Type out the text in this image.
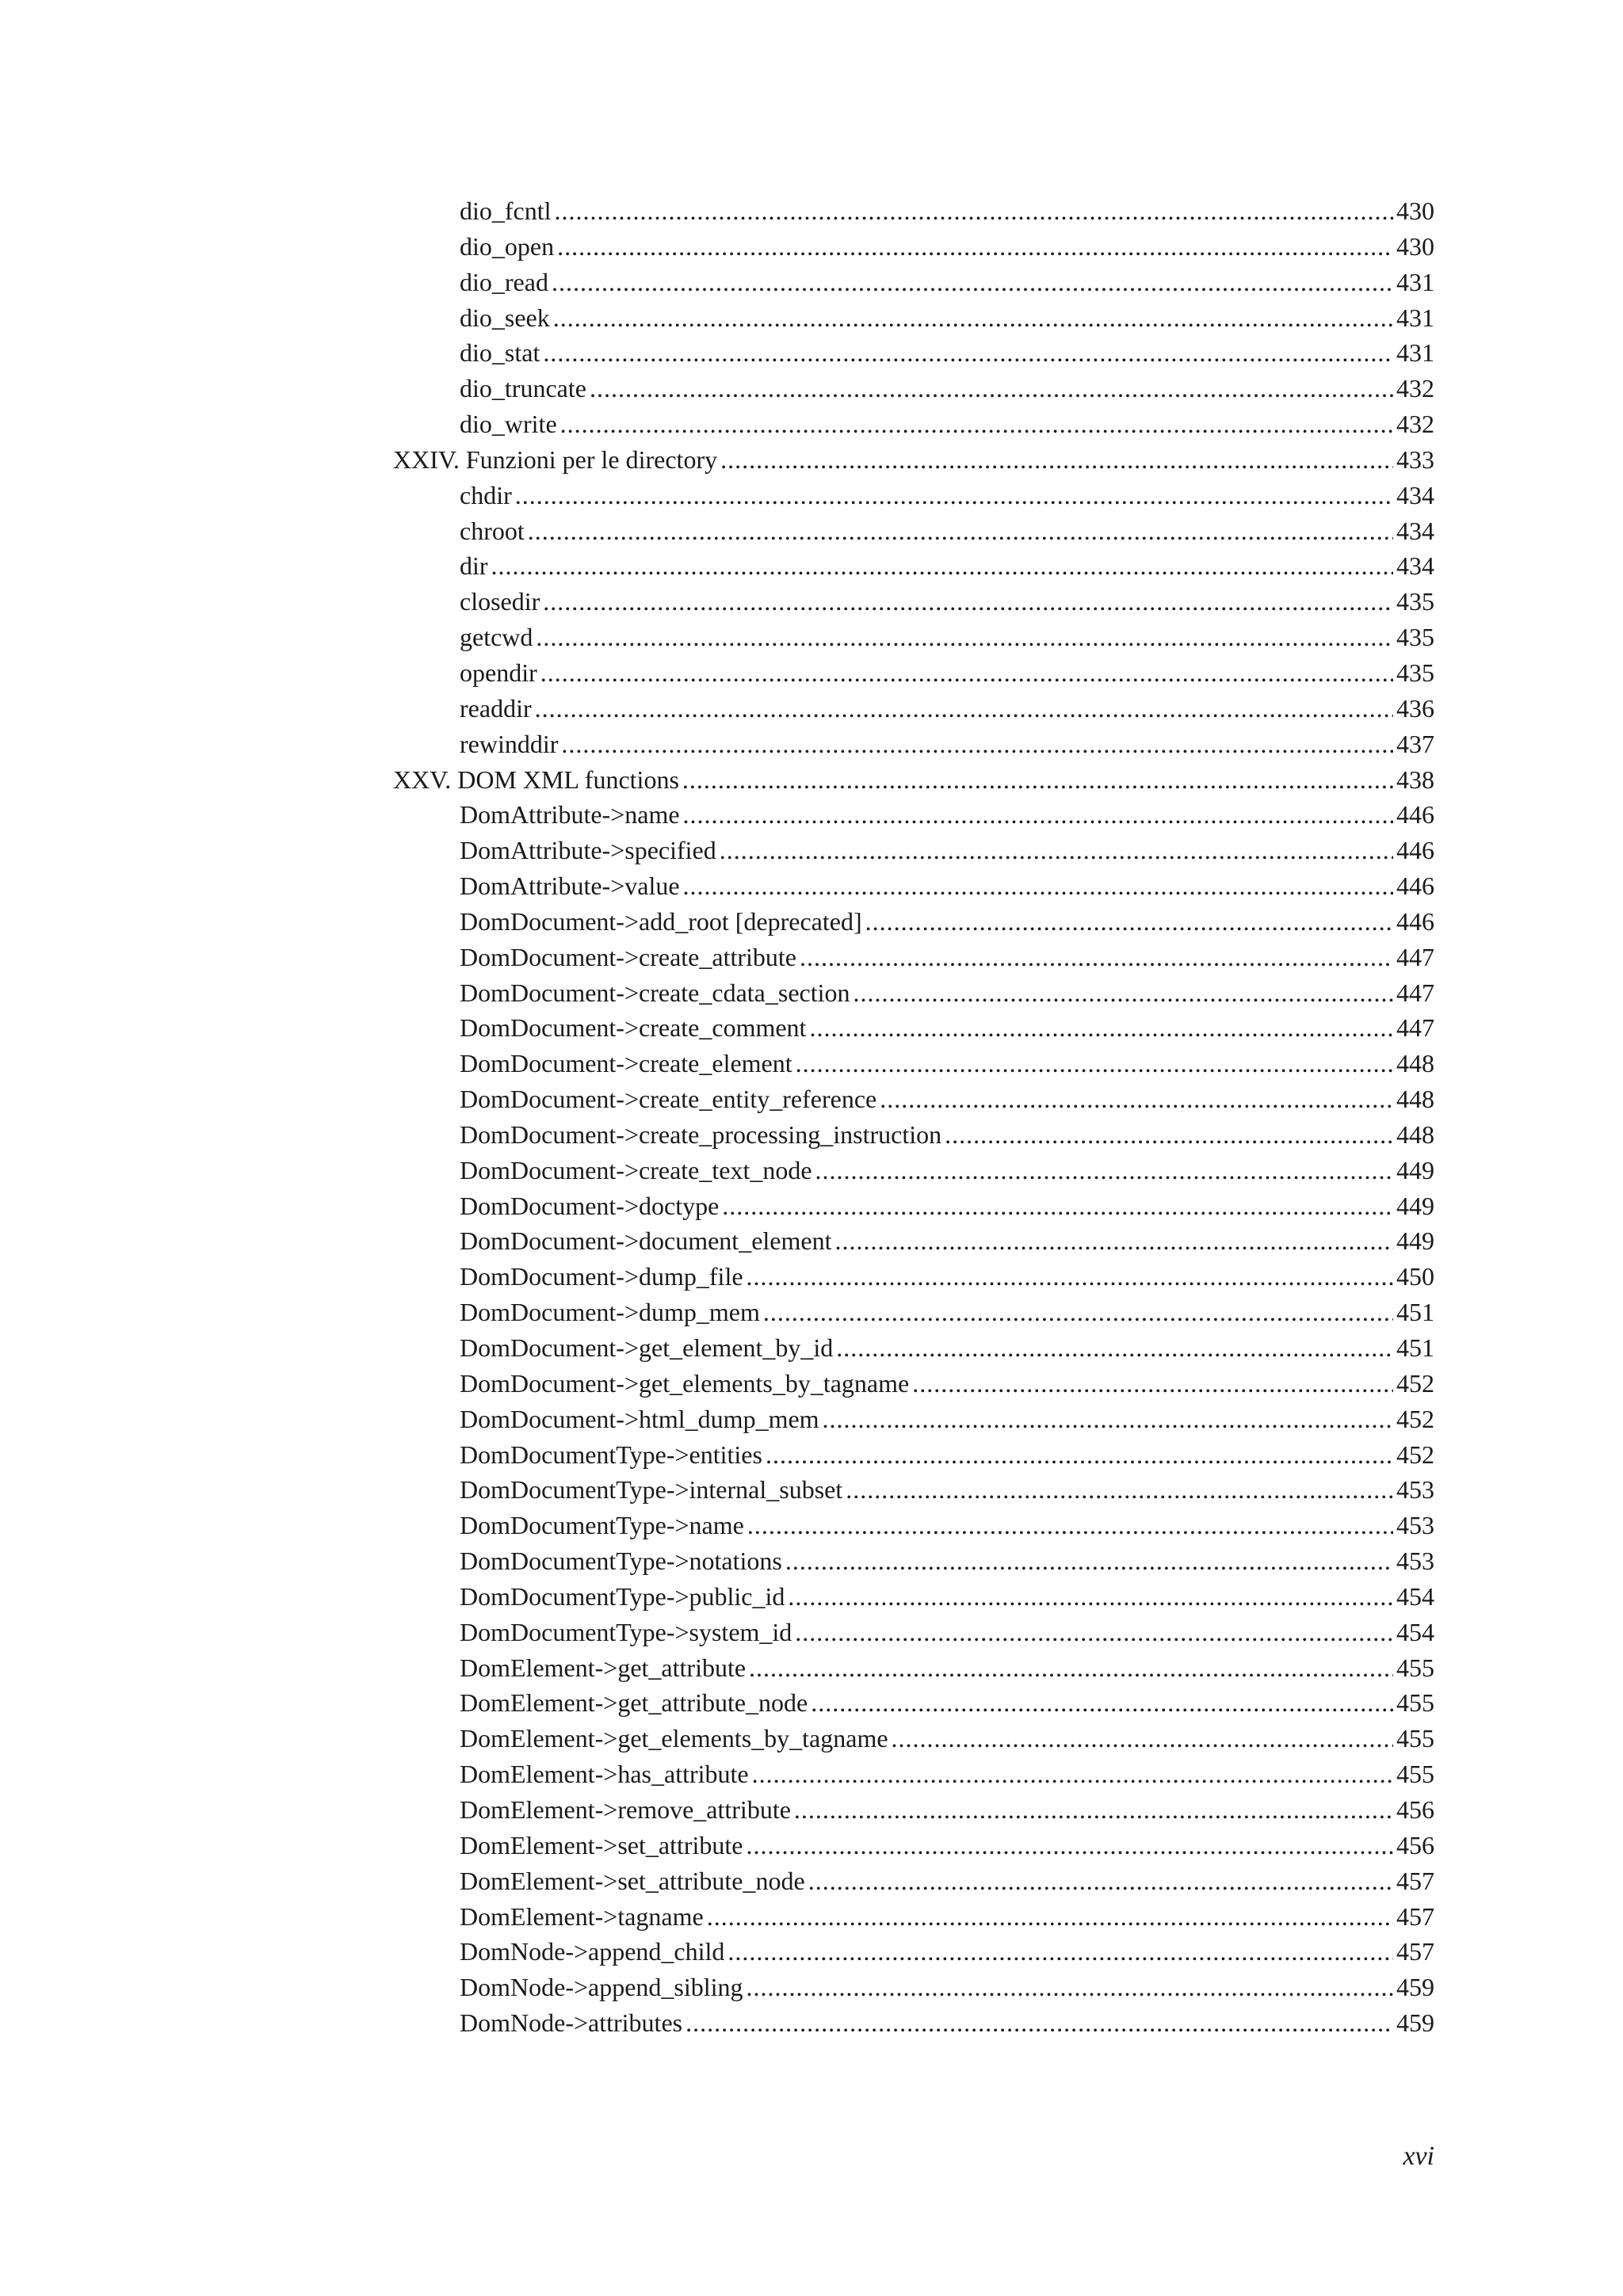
dio_fcntl .....	430
dio_open .....	430
dio_read .....	431
dio_seek .....	431
dio_stat .....	431
dio_truncate .....	432
dio_write .....	432
XXIV. Funzioni per le directory .....	433
chdir .....	434
chroot .....	434
dir .....	434
closedir .....	435
getcwd .....	435
opendir .....	435
readdir .....	436
rewinddir .....	437
XXV. DOM XML functions .....	438
DomAttribute->name .....	446
DomAttribute->specified .....	446
DomAttribute->value .....	446
DomDocument->add_root [deprecated] .....	446
DomDocument->create_attribute .....	447
DomDocument->create_cdata_section .....	447
DomDocument->create_comment .....	447
DomDocument->create_element .....	448
DomDocument->create_entity_reference .....	448
DomDocument->create_processing_instruction .....	448
DomDocument->create_text_node .....	449
DomDocument->doctype .....	449
DomDocument->document_element .....	449
DomDocument->dump_file .....	450
DomDocument->dump_mem .....	451
DomDocument->get_element_by_id .....	451
DomDocument->get_elements_by_tagname .....	452
DomDocument->html_dump_mem .....	452
DomDocumentType->entities .....	452
DomDocumentType->internal_subset .....	453
DomDocumentType->name .....	453
DomDocumentType->notations .....	453
DomDocumentType->public_id .....	454
DomDocumentType->system_id .....	454
DomElement->get_attribute .....	455
DomElement->get_attribute_node .....	455
DomElement->get_elements_by_tagname .....	455
DomElement->has_attribute .....	455
DomElement->remove_attribute .....	456
DomElement->set_attribute .....	456
DomElement->set_attribute_node .....	457
DomElement->tagname .....	457
DomNode->append_child .....	457
DomNode->append_sibling .....	459
DomNode->attributes .....	459
xvi
